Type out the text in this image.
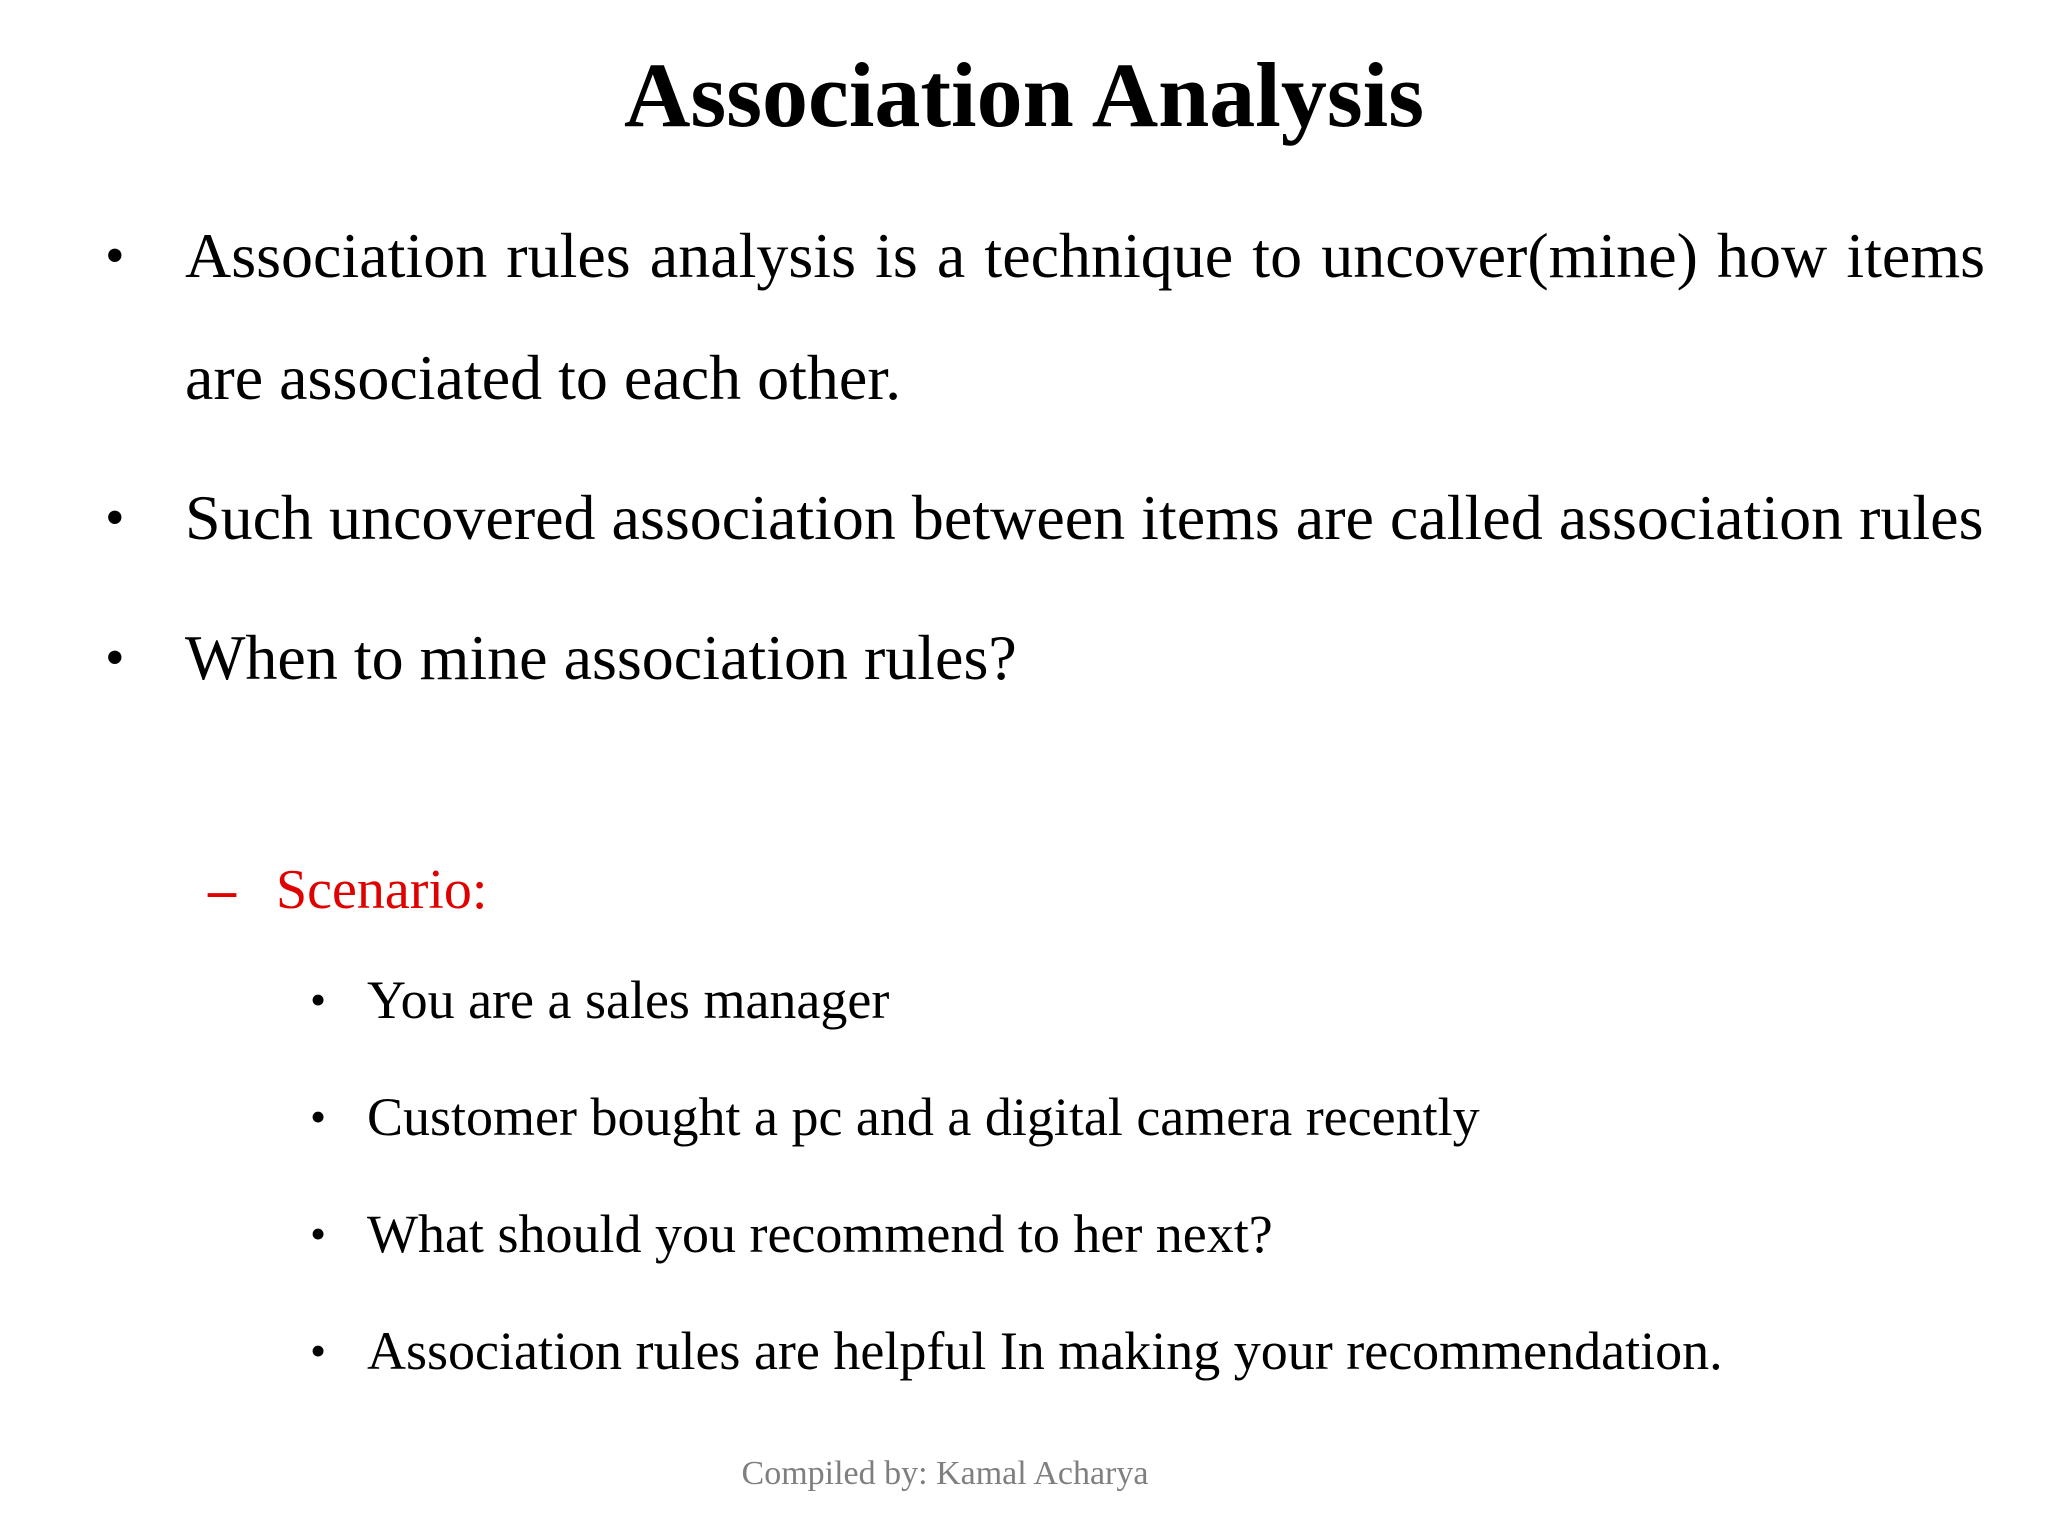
Association Analysis
• Association rules analysis is a technique to uncover(mine) how items are associated to each other.
• Such uncovered association between items are called association rules
• When to mine association rules?
– Scenario:
• You are a sales manager
• Customer bought a pc and a digital camera recently
• What should you recommend to her next?
• Association rules are helpful In making your recommendation.
Compiled by: Kamal Acharya
